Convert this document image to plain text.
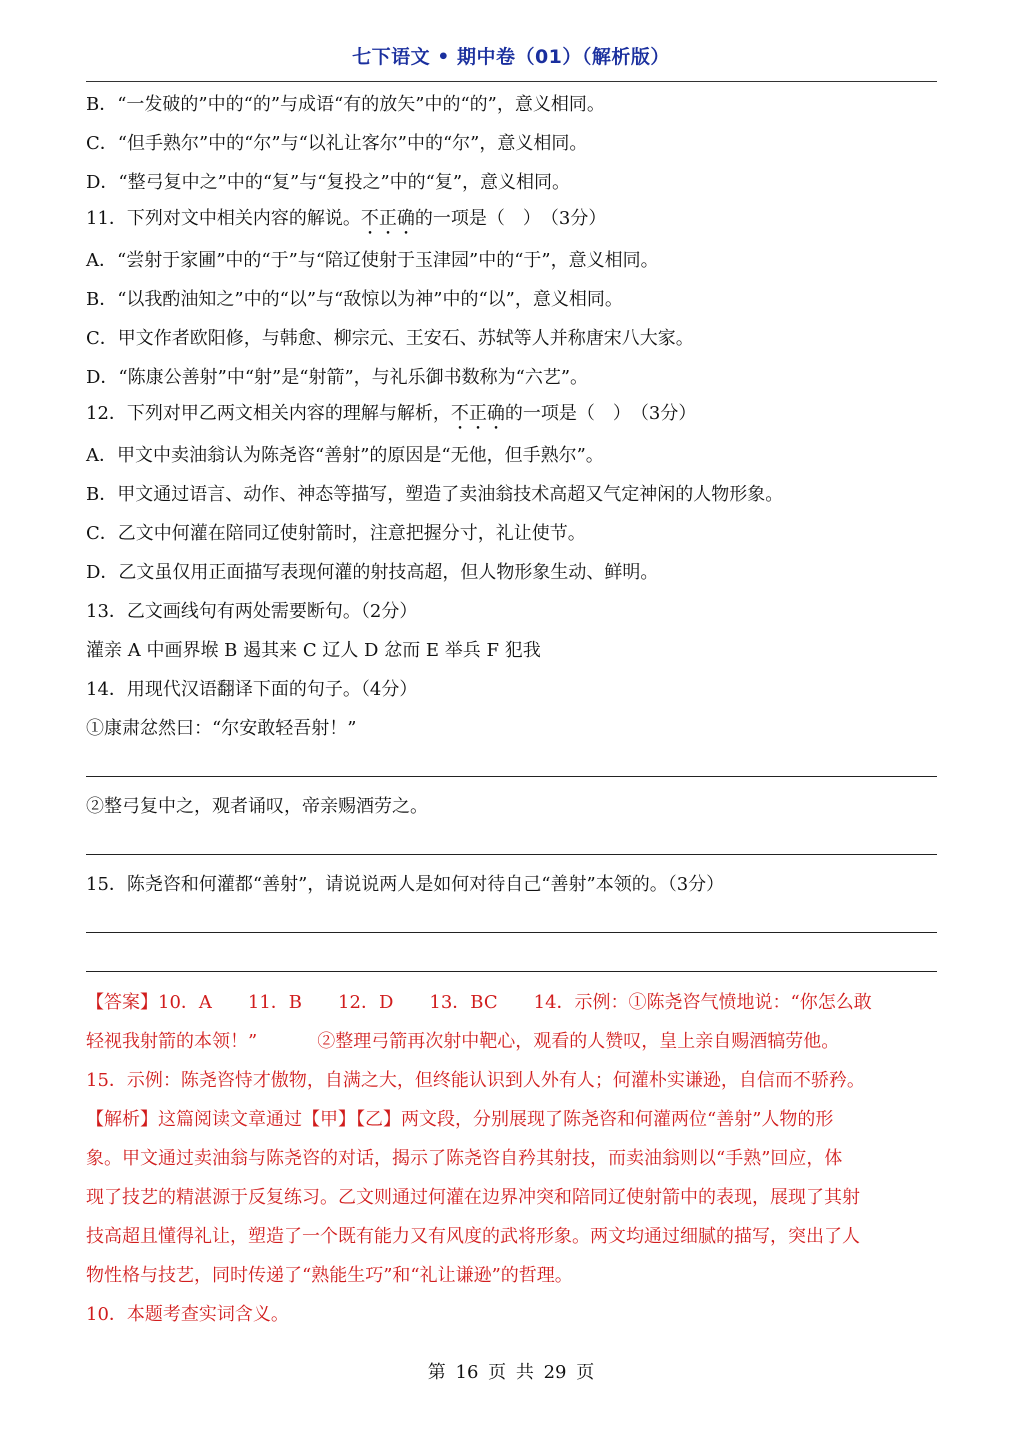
七下语文 • 期中卷（01）（解析版）
B．“一发破的”中的“的”与成语“有的放矢”中的“的”，意义相同。
C．“但手熟尔”中的“尔”与“以礼让客尔”中的“尔”，意义相同。
D．“整弓复中之”中的“复”与“复投之”中的“复”，意义相同。
11．下列对文中相关内容的解说。不正确的一项是（　）　（3分）
A．“尝射于家圃”中的“于”与“陪辽使射于玉津园”中的“于”，意义相同。
B．“以我酌油知之”中的“以”与“敌惊以为神”中的“以”，意义相同。
C．甲文作者欧阳修，与韩愈、柳宗元、王安石、苏轼等人并称唐宋八大家。
D．“陈康公善射”中“射”是“射箭”，与礼乐御书数称为“六艺”。
12．下列对甲乙两文相关内容的理解与解析，不正确的一项是（　）　（3分）
A．甲文中卖油翁认为陈尧咨“善射”的原因是“无他，但手熟尔”。
B．甲文通过语言、动作、神态等描写，塑造了卖油翁技术高超又气定神闲的人物形象。
C．乙文中何灌在陪同辽使射箭时，注意把握分寸，礼让使节。
D．乙文虽仅用正面描写表现何灌的射技高超，但人物形象生动、鲜明。
13．乙文画线句有两处需要断句。（2分）
灌亲 A 中画界堠 B 遏其来 C 辽人 D 忿而 E 举兵 F 犯我
14．用现代汉语翻译下面的句子。（4分）
①康肃忿然曰：“尔安敢轻吾射！”
②整弓复中之，观者诵叹，帝亲赐酒劳之。
15．陈尧咨和何灌都“善射”，请说说两人是如何对待自己“善射”本领的。（3分）
【答案】10．A 11．B 12．D 13．BC 14．示例：①陈尧咨气愤地说：“你怎么敢
轻视我射箭的本领！”	②整理弓箭再次射中靶心，观看的人赞叹，皇上亲自赐酒犒劳他。
15．示例：陈尧咨恃才傲物，自满之大，但终能认识到人外有人；何灌朴实谦逊，自信而不骄矜。
【解析】这篇阅读文章通过【甲】【乙】两文段，分别展现了陈尧咨和何灌两位“善射”人物的形
象。甲文通过卖油翁与陈尧咨的对话，揭示了陈尧咨自矜其射技，而卖油翁则以“手熟”回应，体
现了技艺的精湛源于反复练习。乙文则通过何灌在边界冲突和陪同辽使射箭中的表现，展现了其射
技高超且懂得礼让，塑造了一个既有能力又有风度的武将形象。两文均通过细腻的描写，突出了人
物性格与技艺，同时传递了“熟能生巧”和“礼让谦逊”的哲理。
10．本题考查实词含义。
第 16 页 共 29 页
